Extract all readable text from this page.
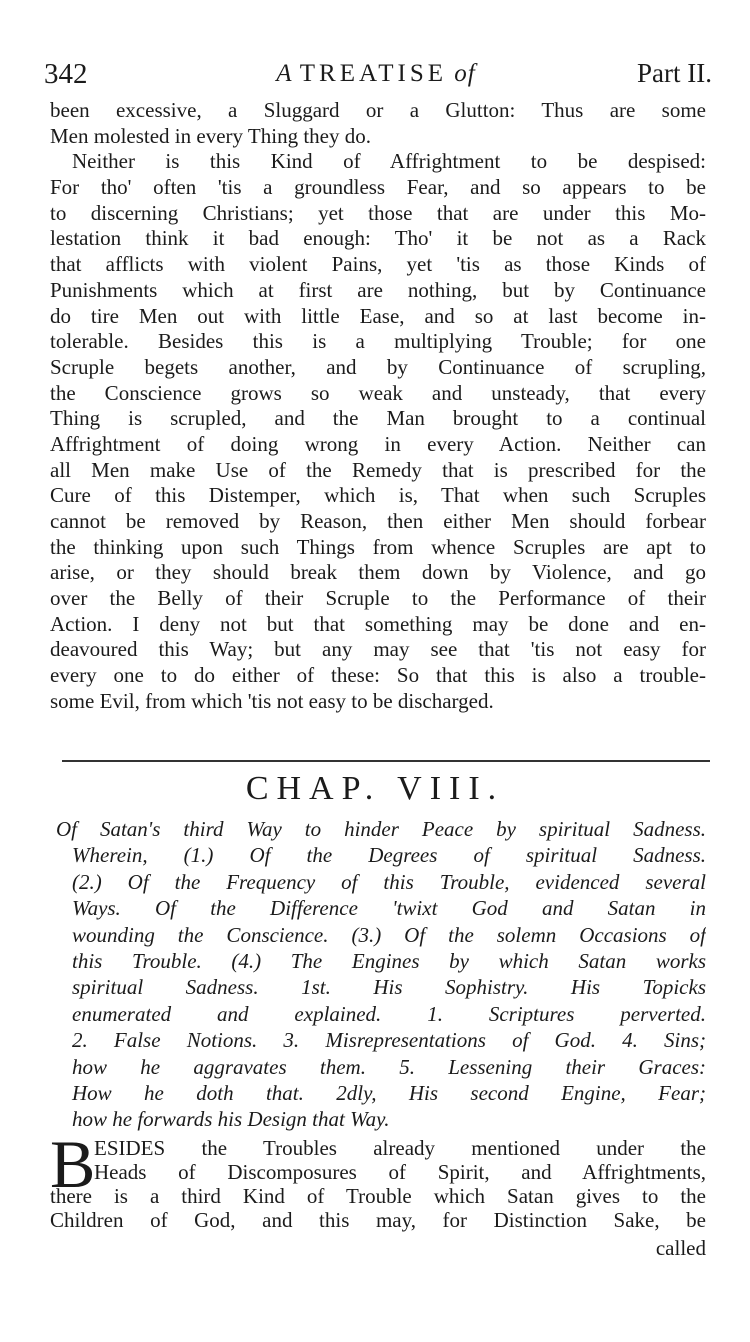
342	A TREATISE of	Part II.
been excessive, a Sluggard or a Glutton: Thus are some
Men molested in every Thing they do.
Neither is this Kind of Affrightment to be despised:
For tho' often 'tis a groundless Fear, and so appears to be
to discerning Christians; yet those that are under this Mo-
lestation think it bad enough: Tho' it be not as a Rack
that afflicts with violent Pains, yet 'tis as those Kinds of
Punishments which at first are nothing, but by Continuance
do tire Men out with little Ease, and so at last become in-
tolerable. Besides this is a multiplying Trouble; for one
Scruple begets another, and by Continuance of scrupling,
the Conscience grows so weak and unsteady, that every
Thing is scrupled, and the Man brought to a continual
Affrightment of doing wrong in every Action. Neither can
all Men make Use of the Remedy that is prescribed for the
Cure of this Distemper, which is, That when such Scruples
cannot be removed by Reason, then either Men should forbear
the thinking upon such Things from whence Scruples are apt to
arise, or they should break them down by Violence, and go
over the Belly of their Scruple to the Performance of their
Action. I deny not but that something may be done and en-
deavoured this Way; but any may see that 'tis not easy for
every one to do either of these: So that this is also a trouble-
some Evil, from which 'tis not easy to be discharged.
CHAP. VIII.
Of Satan's third Way to hinder Peace by spiritual Sadness.
Wherein, (1.) Of the Degrees of spiritual Sadness.
(2.) Of the Frequency of this Trouble, evidenced several
Ways. Of the Difference 'twixt God and Satan in
wounding the Conscience. (3.) Of the solemn Occasions of
this Trouble. (4.) The Engines by which Satan works
spiritual Sadness. 1st. His Sophistry. His Topicks
enumerated and explained. 1. Scriptures perverted.
2. False Notions. 3. Misrepresentations of God. 4. Sins;
how he aggravates them. 5. Lessening their Graces:
How he doth that. 2dly, His second Engine, Fear;
how he forwards his Design that Way.
B
ESIDES the Troubles already mentioned under the
Heads of Discomposures of Spirit, and Affrightments,
there is a third Kind of Trouble which Satan gives to the
Children of God, and this may, for Distinction Sake, be
called
